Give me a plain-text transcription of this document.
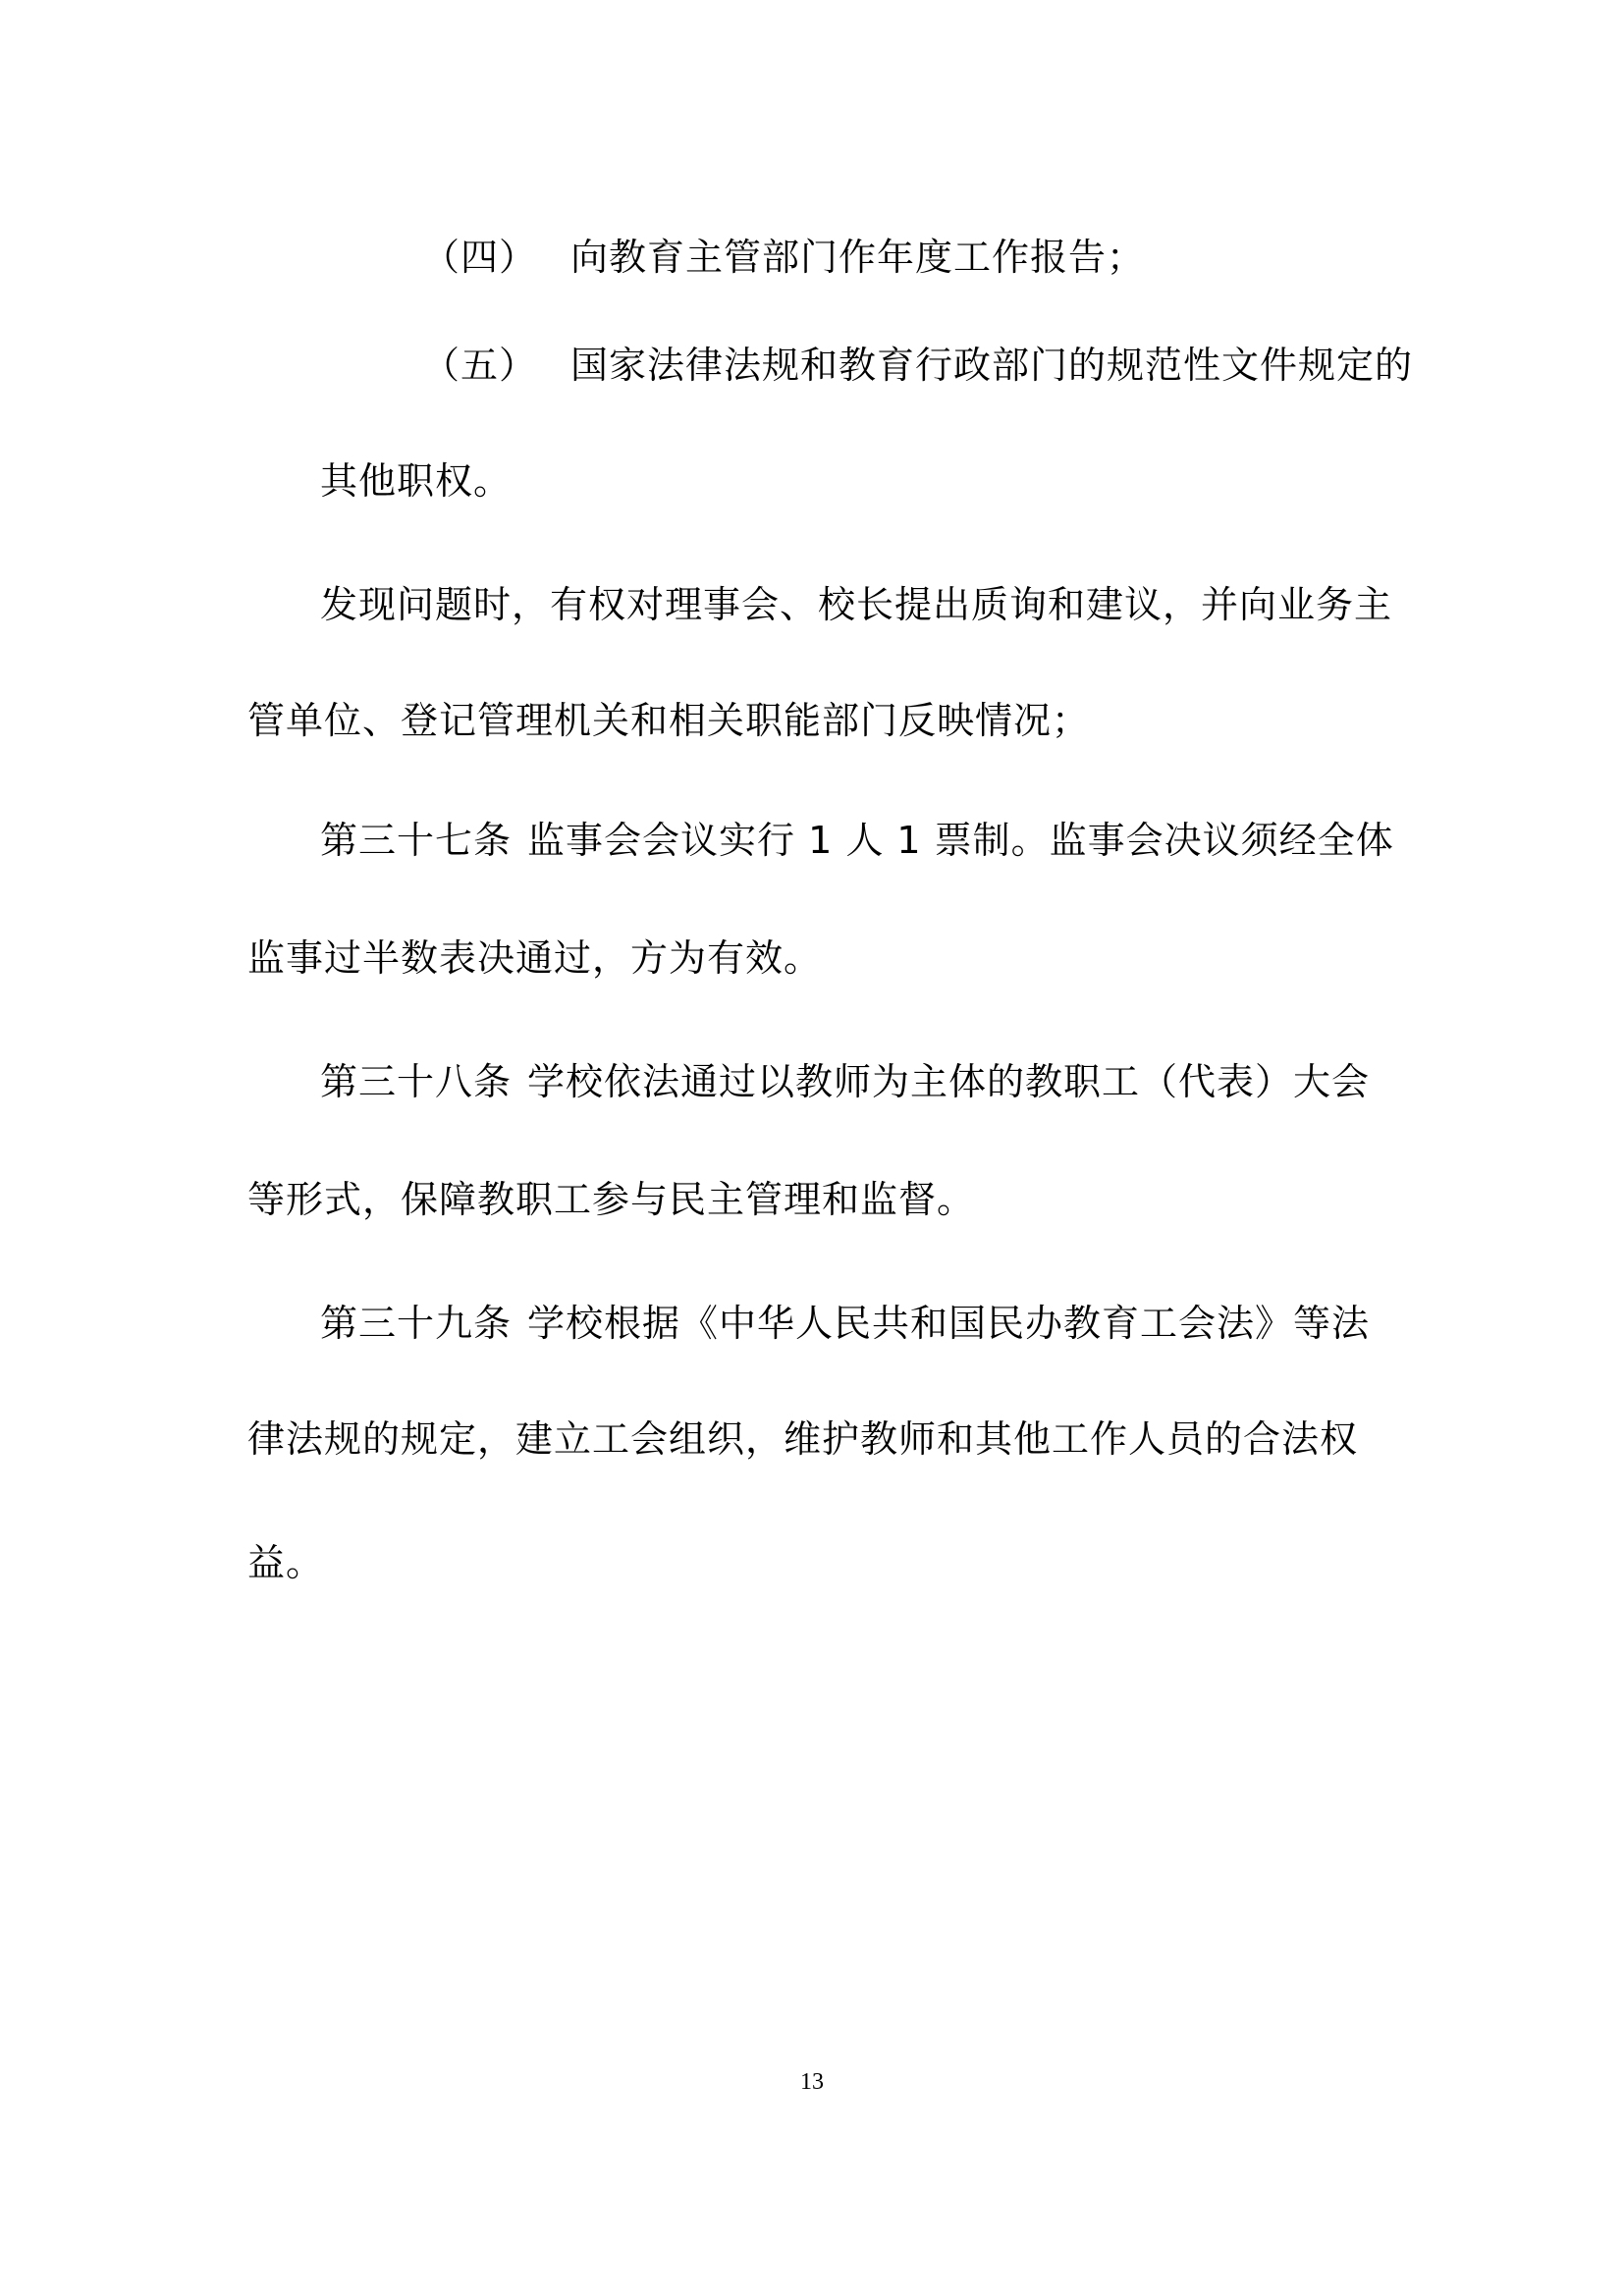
（四） 向教育主管部门作年度工作报告；
（五） 国家法律法规和教育行政部门的规范性文件规定的
其他职权。
发现问题时，有权对理事会、校长提出质询和建议，并向业务主
管单位、登记管理机关和相关职能部门反映情况；
第三十七条 监事会会议实行 1 人 1 票制。监事会决议须经全体
监事过半数表决通过，方为有效。
第三十八条 学校依法通过以教师为主体的教职工（代表）大会
等形式，保障教职工参与民主管理和监督。
第三十九条 学校根据《中华人民共和国民办教育工会法》等法
律法规的规定，建立工会组织，维护教师和其他工作人员的合法权
益。
13
